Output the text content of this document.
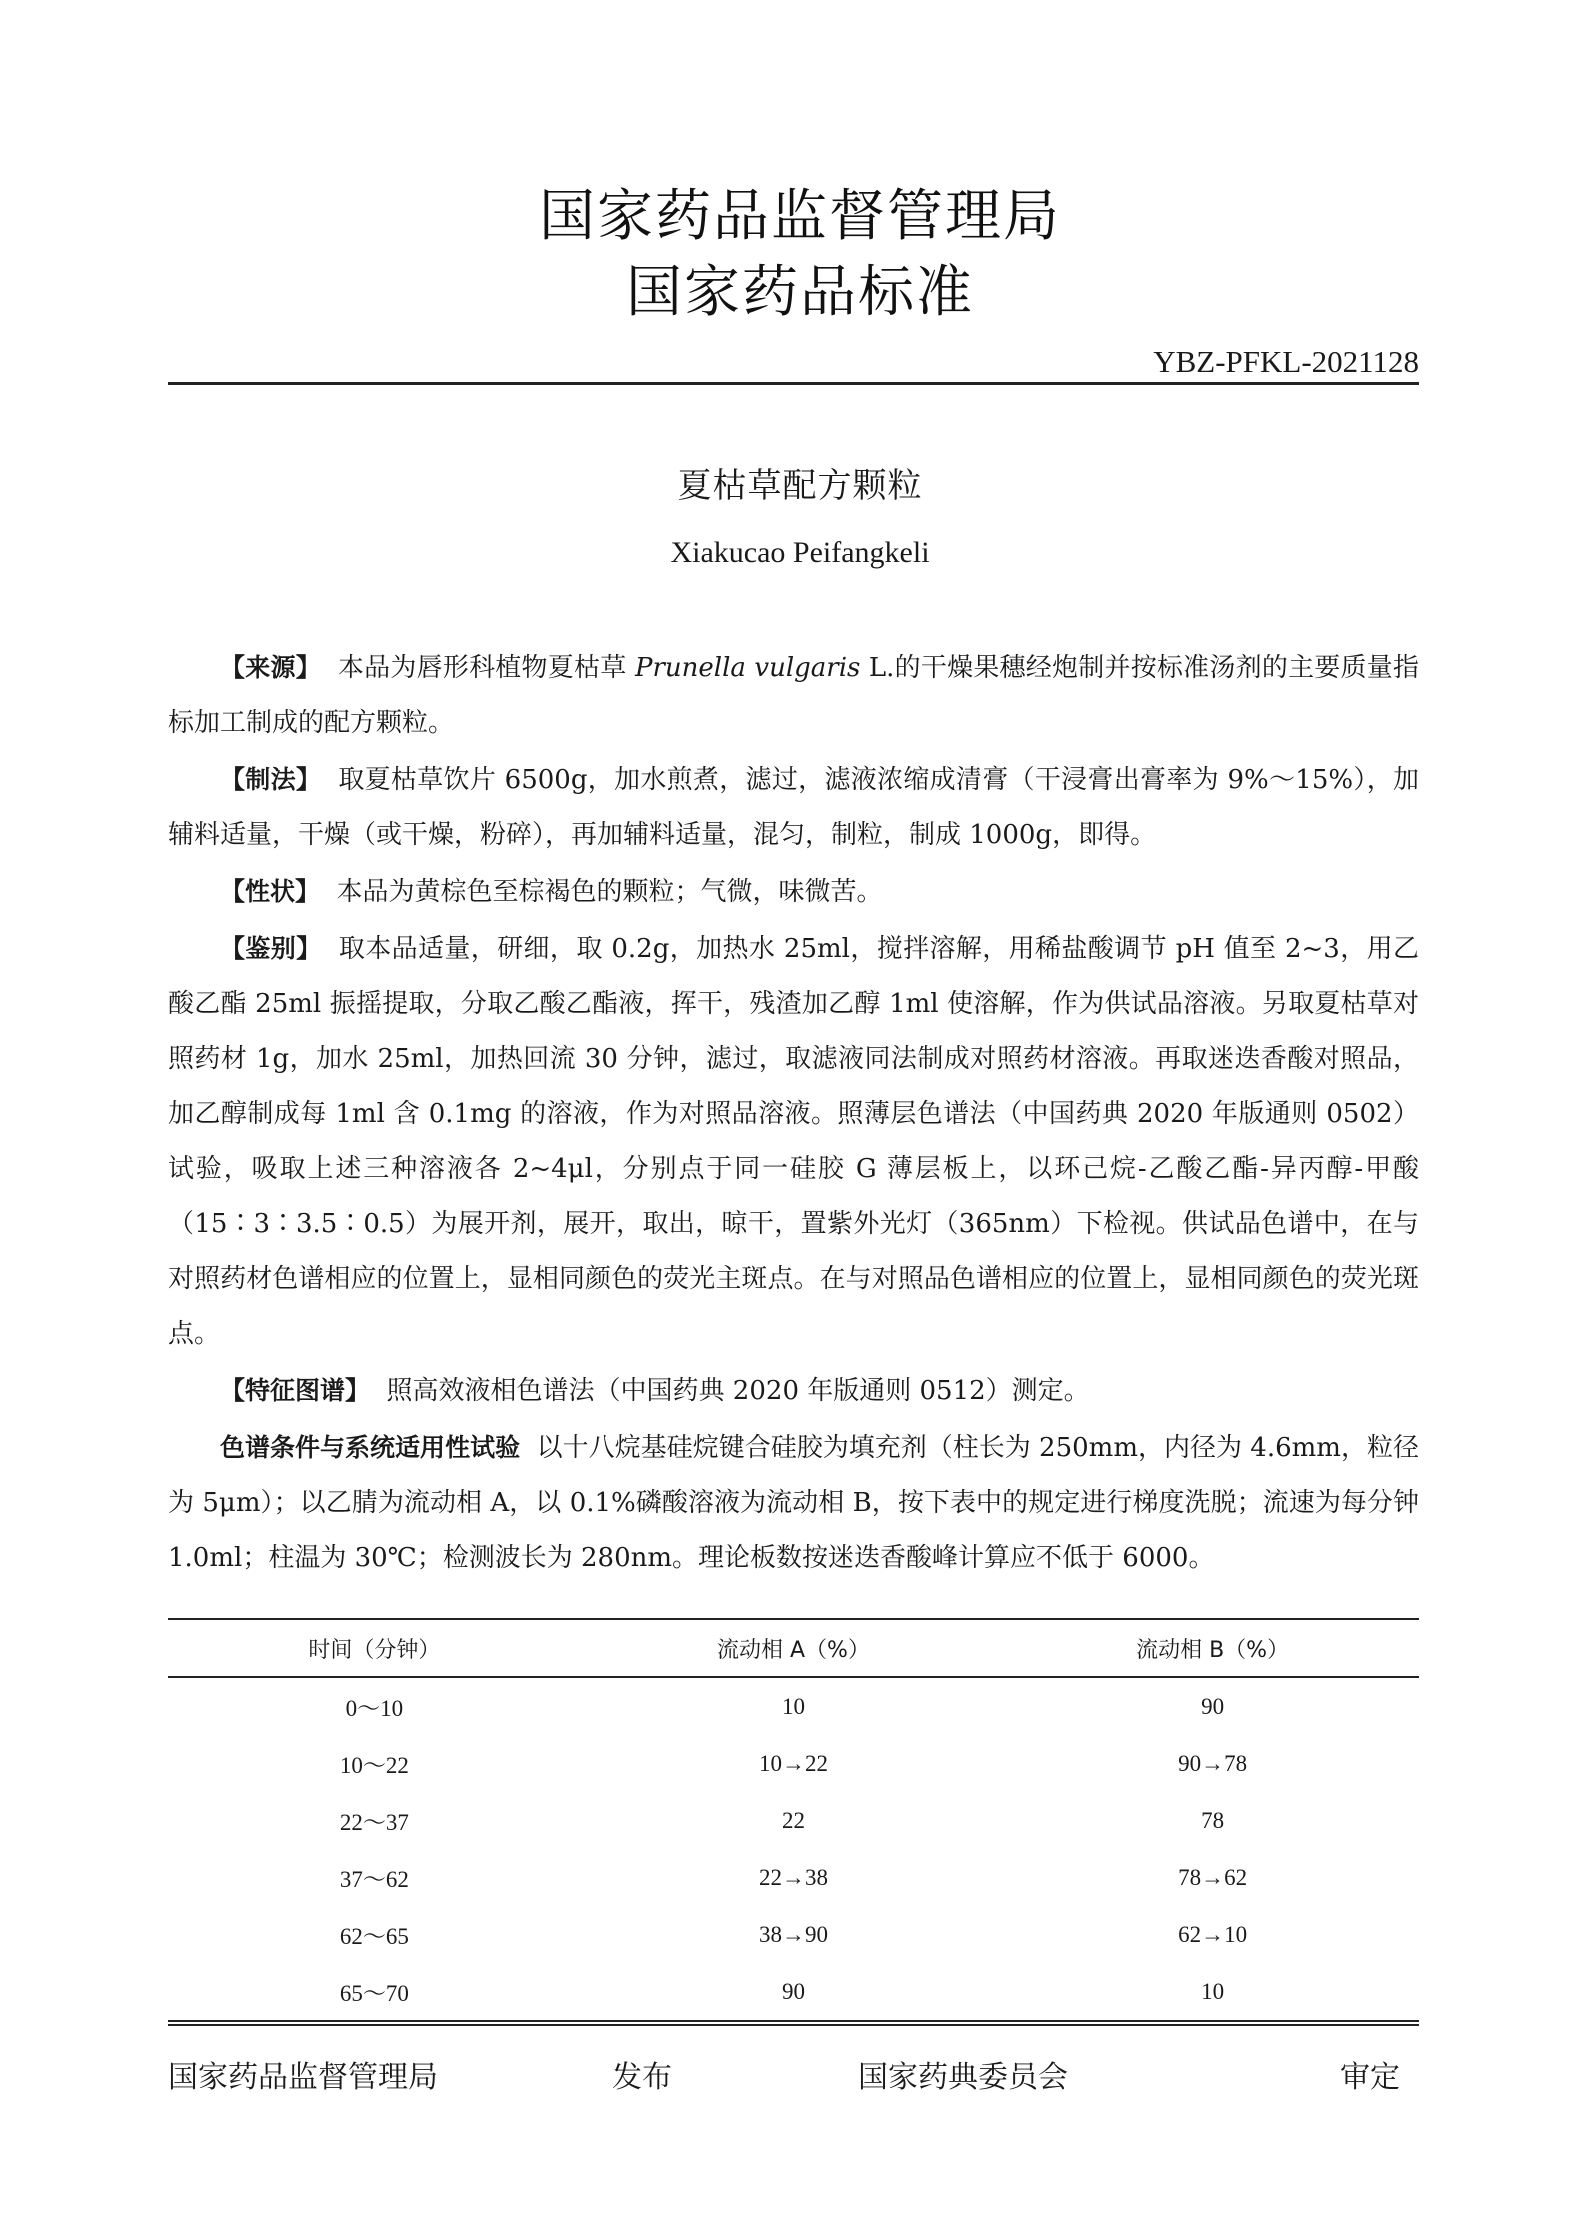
国家药品监督管理局
国家药品标准
YBZ-PFKL-2021128
夏枯草配方颗粒
Xiakucao Peifangkeli

【来源】 本品为唇形科植物夏枯草 Prunella vulgaris L.的干燥果穗经炮制并按标准汤剂的主要质量指标加工制成的配方颗粒。

【制法】 取夏枯草饮片 6500g，加水煎煮，滤过，滤液浓缩成清膏（干浸膏出膏率为 9%～15%），加辅料适量，干燥（或干燥，粉碎），再加辅料适量，混匀，制粒，制成 1000g，即得。

【性状】 本品为黄棕色至棕褐色的颗粒；气微，味微苦。

【鉴别】 取本品适量，研细，取 0.2g，加热水 25ml，搅拌溶解，用稀盐酸调节 pH 值至 2~3，用乙酸乙酯 25ml 振摇提取，分取乙酸乙酯液，挥干，残渣加乙醇 1ml 使溶解，作为供试品溶液。另取夏枯草对照药材 1g，加水 25ml，加热回流 30 分钟，滤过，取滤液同法制成对照药材溶液。再取迷迭香酸对照品，加乙醇制成每 1ml 含 0.1mg 的溶液，作为对照品溶液。照薄层色谱法（中国药典 2020 年版通则 0502）试验，吸取上述三种溶液各 2~4μl，分别点于同一硅胶 G 薄层板上，以环己烷-乙酸乙酯-异丙醇-甲酸（15∶3∶3.5∶0.5）为展开剂，展开，取出，晾干，置紫外光灯（365nm）下检视。供试品色谱中，在与对照药材色谱相应的位置上，显相同颜色的荧光主斑点。在与对照品色谱相应的位置上，显相同颜色的荧光斑点。

【特征图谱】 照高效液相色谱法（中国药典 2020 年版通则 0512）测定。

色谱条件与系统适用性试验 以十八烷基硅烷键合硅胶为填充剂（柱长为 250mm，内径为 4.6mm，粒径为 5μm）；以乙腈为流动相 A，以 0.1%磷酸溶液为流动相 B，按下表中的规定进行梯度洗脱；流速为每分钟 1.0ml；柱温为 30℃；检测波长为 280nm。理论板数按迷迭香酸峰计算应不低于 6000。

时间（分钟）	流动相 A（%）	流动相 B（%）
0～10	10	90
10～22	10→22	90→78
22～37	22	78
37～62	22→38	78→62
62～65	38→90	62→10
65～70	90	10
国家药品监督管理局	发布	国家药典委员会	审定
